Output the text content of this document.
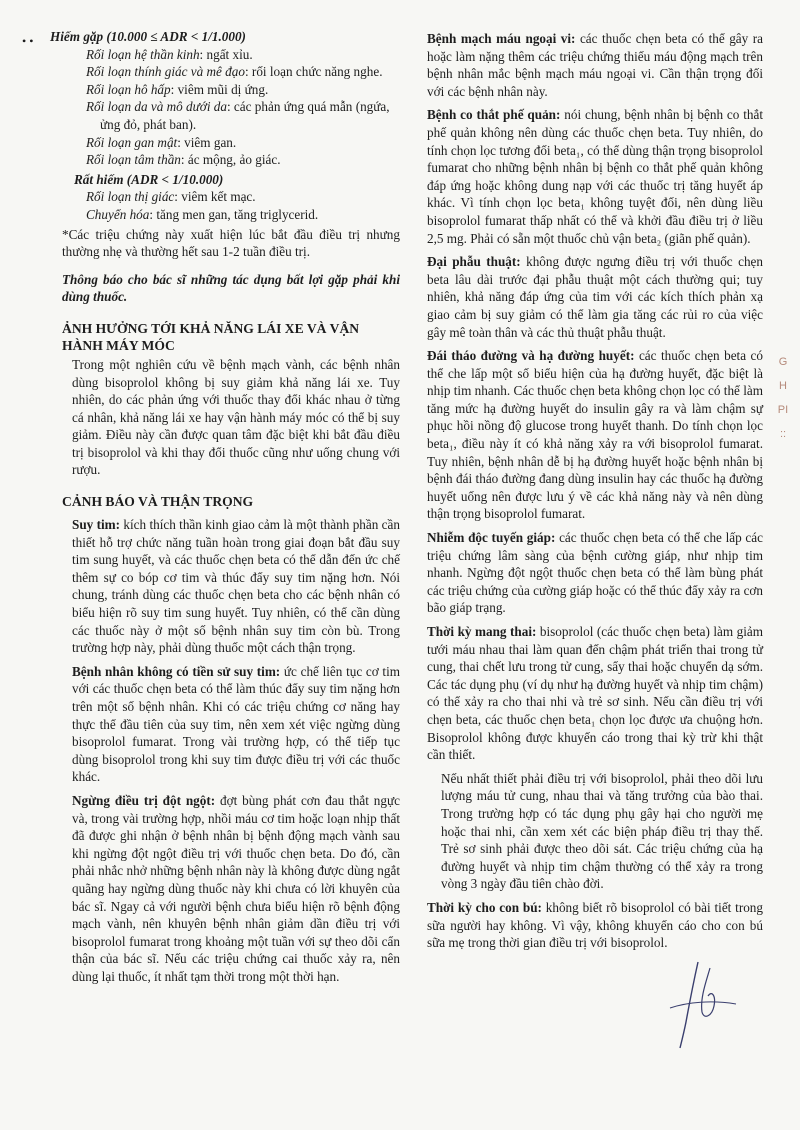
• •	Hiếm gặp (10.000 ≤ ADR < 1/1.000)

Rối loạn hệ thần kinh: ngất xỉu.

Rối loạn thính giác và mê đạo: rối loạn chức năng nghe.

Rối loạn hô hấp: viêm mũi dị ứng.

Rối loạn da và mô dưới da: các phản ứng quá mẫn (ngứa, ửng đỏ, phát ban).

Rối loạn gan mật: viêm gan.

Rối loạn tâm thần: ác mộng, ảo giác.

Rất hiếm (ADR < 1/10.000)

Rối loạn thị giác: viêm kết mạc.

Chuyển hóa: tăng men gan, tăng triglycerid.

*Các triệu chứng này xuất hiện lúc bắt đầu điều trị nhưng thường nhẹ và thường hết sau 1-2 tuần điều trị.

Thông báo cho bác sĩ những tác dụng bất lợi gặp phải khi dùng thuốc.

ẢNH HƯỞNG TỚI KHẢ NĂNG LÁI XE VÀ VẬN HÀNH MÁY MÓC

Trong một nghiên cứu về bệnh mạch vành, các bệnh nhân dùng bisoprolol không bị suy giảm khả năng lái xe. Tuy nhiên, do các phản ứng với thuốc thay đổi khác nhau ở từng cá nhân, khả năng lái xe hay vận hành máy móc có thể bị suy giảm. Điều này cần được quan tâm đặc biệt khi bắt đầu điều trị bisoprolol và khi thay đổi thuốc cũng như uống chung với rượu.

CẢNH BÁO VÀ THẬN TRỌNG

Suy tim: kích thích thần kinh giao cảm là một thành phần cần thiết hỗ trợ chức năng tuần hoàn trong giai đoạn bắt đầu suy tim sung huyết, và các thuốc chẹn beta có thể dẫn đến ức chế thêm sự co bóp cơ tim và thúc đẩy suy tim nặng hơn. Nói chung, tránh dùng các thuốc chẹn beta cho các bệnh nhân có biểu hiện rõ suy tim sung huyết. Tuy nhiên, có thể cần dùng các thuốc này ở một số bệnh nhân suy tim còn bù. Trong trường hợp này, phải dùng thuốc một cách thận trọng.

Bệnh nhân không có tiền sử suy tim: ức chế liên tục cơ tim với các thuốc chẹn beta có thể làm thúc đẩy suy tim nặng hơn trên một số bệnh nhân. Khi có các triệu chứng cơ năng hay thực thể đầu tiên của suy tim, nên xem xét việc ngừng dùng bisoprolol fumarat. Trong vài trường hợp, có thể tiếp tục dùng bisoprolol trong khi suy tim được điều trị với các thuốc khác.

Ngừng điều trị đột ngột: đợt bùng phát cơn đau thắt ngực và, trong vài trường hợp, nhồi máu cơ tim hoặc loạn nhịp thất đã được ghi nhận ở bệnh nhân bị bệnh động mạch vành sau khi ngừng đột ngột điều trị với thuốc chẹn beta. Do đó, cần phải nhắc nhở những bệnh nhân này là không được dùng ngắt quãng hay ngừng dùng thuốc này khi chưa có lời khuyên của bác sĩ. Ngay cả với người bệnh chưa biểu hiện rõ bệnh động mạch vành, nên khuyên bệnh nhân giảm dần điều trị với bisoprolol fumarat trong khoảng một tuần với sự theo dõi cẩn thận của bác sĩ. Nếu các triệu chứng cai thuốc xảy ra, nên dùng lại thuốc, ít nhất tạm thời trong một thời hạn.

Bệnh mạch máu ngoại vi: các thuốc chẹn beta có thể gây ra hoặc làm nặng thêm các triệu chứng thiếu máu động mạch trên bệnh nhân mắc bệnh mạch máu ngoại vi. Cần thận trọng đối với các bệnh nhân này.

Bệnh co thắt phế quản: nói chung, bệnh nhân bị bệnh co thắt phế quản không nên dùng các thuốc chẹn beta. Tuy nhiên, do tính chọn lọc tương đối beta₁, có thể dùng thận trọng bisoprolol fumarat cho những bệnh nhân bị bệnh co thắt phế quản không đáp ứng hoặc không dung nạp với các thuốc trị tăng huyết áp khác. Vì tính chọn lọc beta₁ không tuyệt đối, nên dùng liều bisoprolol fumarat thấp nhất có thể và khởi đầu điều trị ở liều 2,5 mg. Phải có sẵn một thuốc chủ vận beta₂ (giãn phế quản).

Đại phẫu thuật: không được ngưng điều trị với thuốc chẹn beta lâu dài trước đại phẫu thuật một cách thường qui; tuy nhiên, khả năng đáp ứng của tim với các kích thích phản xạ giao cảm bị suy giảm có thể làm gia tăng các rủi ro của việc gây mê toàn thân và các thủ thuật phẫu thuật.

Đái tháo đường và hạ đường huyết: các thuốc chẹn beta có thể che lấp một số biểu hiện của hạ đường huyết, đặc biệt là nhịp tim nhanh. Các thuốc chẹn beta không chọn lọc có thể làm tăng mức hạ đường huyết do insulin gây ra và làm chậm sự phục hồi nồng độ glucose trong huyết thanh. Do tính chọn lọc beta₁, điều này ít có khả năng xảy ra với bisoprolol fumarat. Tuy nhiên, bệnh nhân dễ bị hạ đường huyết hoặc bệnh nhân bị bệnh đái tháo đường đang dùng insulin hay các thuốc hạ đường huyết uống nên được lưu ý về các khả năng này và nên dùng thận trọng bisoprolol fumarat.

Nhiễm độc tuyến giáp: các thuốc chẹn beta có thể che lấp các triệu chứng lâm sàng của bệnh cường giáp, như nhịp tim nhanh. Ngừng đột ngột thuốc chẹn beta có thể làm bùng phát các triệu chứng của cường giáp hoặc có thể thúc đẩy xảy ra cơn bão giáp trạng.

Thời kỳ mang thai: bisoprolol (các thuốc chẹn beta) làm giảm tưới máu nhau thai làm quan đến chậm phát triển thai trong tử cung, thai chết lưu trong tử cung, sẩy thai hoặc chuyển dạ sớm. Các tác dụng phụ (ví dụ như hạ đường huyết và nhịp tim chậm) có thể xảy ra cho thai nhi và trẻ sơ sinh. Nếu cần điều trị với chẹn beta, các thuốc chẹn beta₁ chọn lọc được ưa chuộng hơn. Bisoprolol không được khuyến cáo trong thai kỳ trừ khi thật cần thiết.

Nếu nhất thiết phải điều trị với bisoprolol, phải theo dõi lưu lượng máu tử cung, nhau thai và tăng trưởng của bào thai. Trong trường hợp có tác dụng phụ gây hại cho người mẹ hoặc thai nhi, cần xem xét các biện pháp điều trị thay thế. Trẻ sơ sinh phải được theo dõi sát. Các triệu chứng của hạ đường huyết và nhịp tim chậm thường có thể xảy ra trong vòng 3 ngày đầu tiên chào đời.

Thời kỳ cho con bú: không biết rõ bisoprolol có bài tiết trong sữa người hay không. Vì vậy, không khuyến cáo cho con bú sữa mẹ trong thời gian điều trị với bisoprolol.

G
H
PI
::
